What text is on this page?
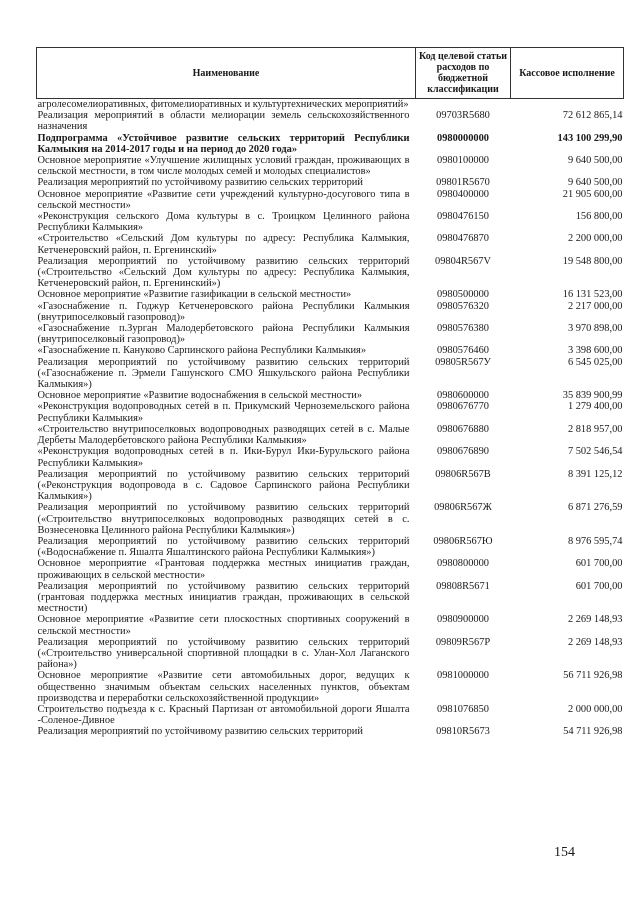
Наименование	Код целевой статьи расходов по бюджетной классификации	Кассовое исполнение
агролесомелиоративных, фитомелиоративных и культуртехнических мероприятий»		
Реализация мероприятий в области мелиорации земель сельскохозяйственного назначения	09703R5680	72 612 865,14
Подпрограмма «Устойчивое развитие сельских территорий Республики Калмыкия на 2014-2017 годы и на период до 2020 года»	0980000000	143 100 299,90
Основное мероприятие «Улучшение жилищных условий граждан, проживающих в сельской местности, в том числе молодых семей и молодых специалистов»	0980100000	9 640 500,00
Реализация мероприятий по устойчивому развитию сельских территорий	09801R5670	9 640 500,00
Основное мероприятие «Развитие сети учреждений культурно-досугового типа в сельской местности»	0980400000	21 905 600,00
«Реконструкция сельского Дома культуры в с. Троицком Целинного района Республики Калмыкия»	0980476150	156 800,00
«Строительство «Сельский Дом культуры по адресу: Республика Калмыкия, Кетченеровский район, п. Ергенинский»	0980476870	2 200 000,00
Реализация мероприятий по устойчивому развитию сельских территорий («Строительство «Сельский Дом культуры по адресу: Республика Калмыкия, Кетченеровский район, п. Ергенинский»)	09804R567V	19 548 800,00
Основное мероприятие «Развитие газификации в сельской местности»	0980500000	16 131 523,00
«Газоснабжение п. Годжур Кетченеровского района Республики Калмыкия (внутрипоселковый газопровод)»	0980576320	2 217 000,00
«Газоснабжение п.Зурган Малодербетовского района Республики Калмыкия (внутрипоселковый газопровод)»	0980576380	3 970 898,00
«Газоснабжение п. Кануково Сарпинского района Республики Калмыкия»	0980576460	3 398 600,00
Реализация мероприятий по устойчивому развитию сельских территорий («Газоснабжение п. Эрмели Гашунского СМО Яшкульского района Республики Калмыкия»)	09805R567У	6 545 025,00
Основное мероприятие «Развитие водоснабжения в сельской местности»	0980600000	35 839 900,99
«Реконструкция водопроводных сетей в п. Прикумский Черноземельского района Республики Калмыкия»	0980676770	1 279 400,00
«Строительство внутрипоселковых водопроводных разводящих сетей в с. Малые Дербеты Малодербетовского района Республики Калмыкия»	0980676880	2 818 957,00
«Реконструкция водопроводных сетей в п. Ики-Бурул Ики-Бурульского района Республики Калмыкия»	0980676890	7 502 546,54
Реализация мероприятий по устойчивому развитию сельских территорий («Реконструкция водопровода в с. Садовое Сарпинского района Республики Калмыкия»)	09806R567В	8 391 125,12
Реализация мероприятий по устойчивому развитию сельских территорий («Строительство внутрипоселковых водопроводных разводящих сетей в с. Вознесеновка Целинного района Республики Калмыкия»)	09806R567Ж	6 871 276,59
Реализация мероприятий по устойчивому развитию сельских территорий («Водоснабжение п. Яшалта Яшалтинского района Республики Калмыкия»)	09806R567Ю	8 976 595,74
Основное мероприятие «Грантовая поддержка местных инициатив граждан, проживающих в сельской местности»	0980800000	601 700,00
Реализация мероприятий по устойчивому развитию сельских территорий (грантовая поддержка местных инициатив граждан, проживающих в сельской местности)	09808R5671	601 700,00
Основное мероприятие «Развитие сети плоскостных спортивных сооружений в сельской местности»	0980900000	2 269 148,93
Реализация мероприятий по устойчивому развитию сельских территорий («Строительство универсальной спортивной площадки в с. Улан-Хол Лаганского района»)	09809R567Р	2 269 148,93
Основное мероприятие «Развитие сети автомобильных дорог, ведущих к общественно значимым объектам сельских населенных пунктов, объектам производства и переработки сельскохозяйственной продукции»	0981000000	56 711 926,98
Строительство подъезда к с. Красный Партизан от автомобильной дороги Яшалта -Соленое-Дивное	0981076850	2 000 000,00
Реализация мероприятий по устойчивому развитию сельских территорий	09810R5673	54 711 926,98
154
